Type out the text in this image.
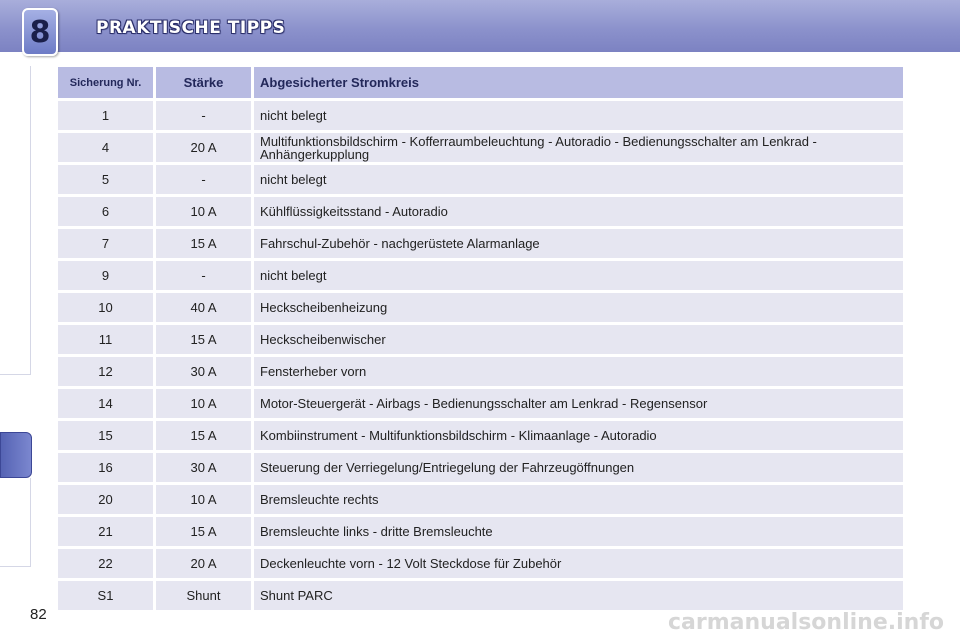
8	PRAKTISCHE TIPPS
Sicherung Nr.	Stärke	Abgesicherter Stromkreis
1	-	nicht belegt
4	20 A	Multifunktionsbildschirm - Kofferraumbeleuchtung - Autoradio - Bedienungsschalter am Lenkrad - Anhängerkupplung
5	-	nicht belegt
6	10 A	Kühlflüssigkeitsstand - Autoradio
7	15 A	Fahrschul-Zubehör - nachgerüstete Alarmanlage
9	-	nicht belegt
10	40 A	Heckscheibenheizung
11	15 A	Heckscheibenwischer
12	30 A	Fensterheber vorn
14	10 A	Motor-Steuergerät - Airbags - Bedienungsschalter am Lenkrad - Regensensor
15	15 A	Kombiinstrument - Multifunktionsbildschirm - Klimaanlage - Autoradio
16	30 A	Steuerung der Verriegelung/Entriegelung der Fahrzeugöffnungen
20	10 A	Bremsleuchte rechts
21	15 A	Bremsleuchte links - dritte Bremsleuchte
22	20 A	Deckenleuchte vorn - 12 Volt Steckdose für Zubehör
S1	Shunt	Shunt PARC
82	carmanualsonline.info
